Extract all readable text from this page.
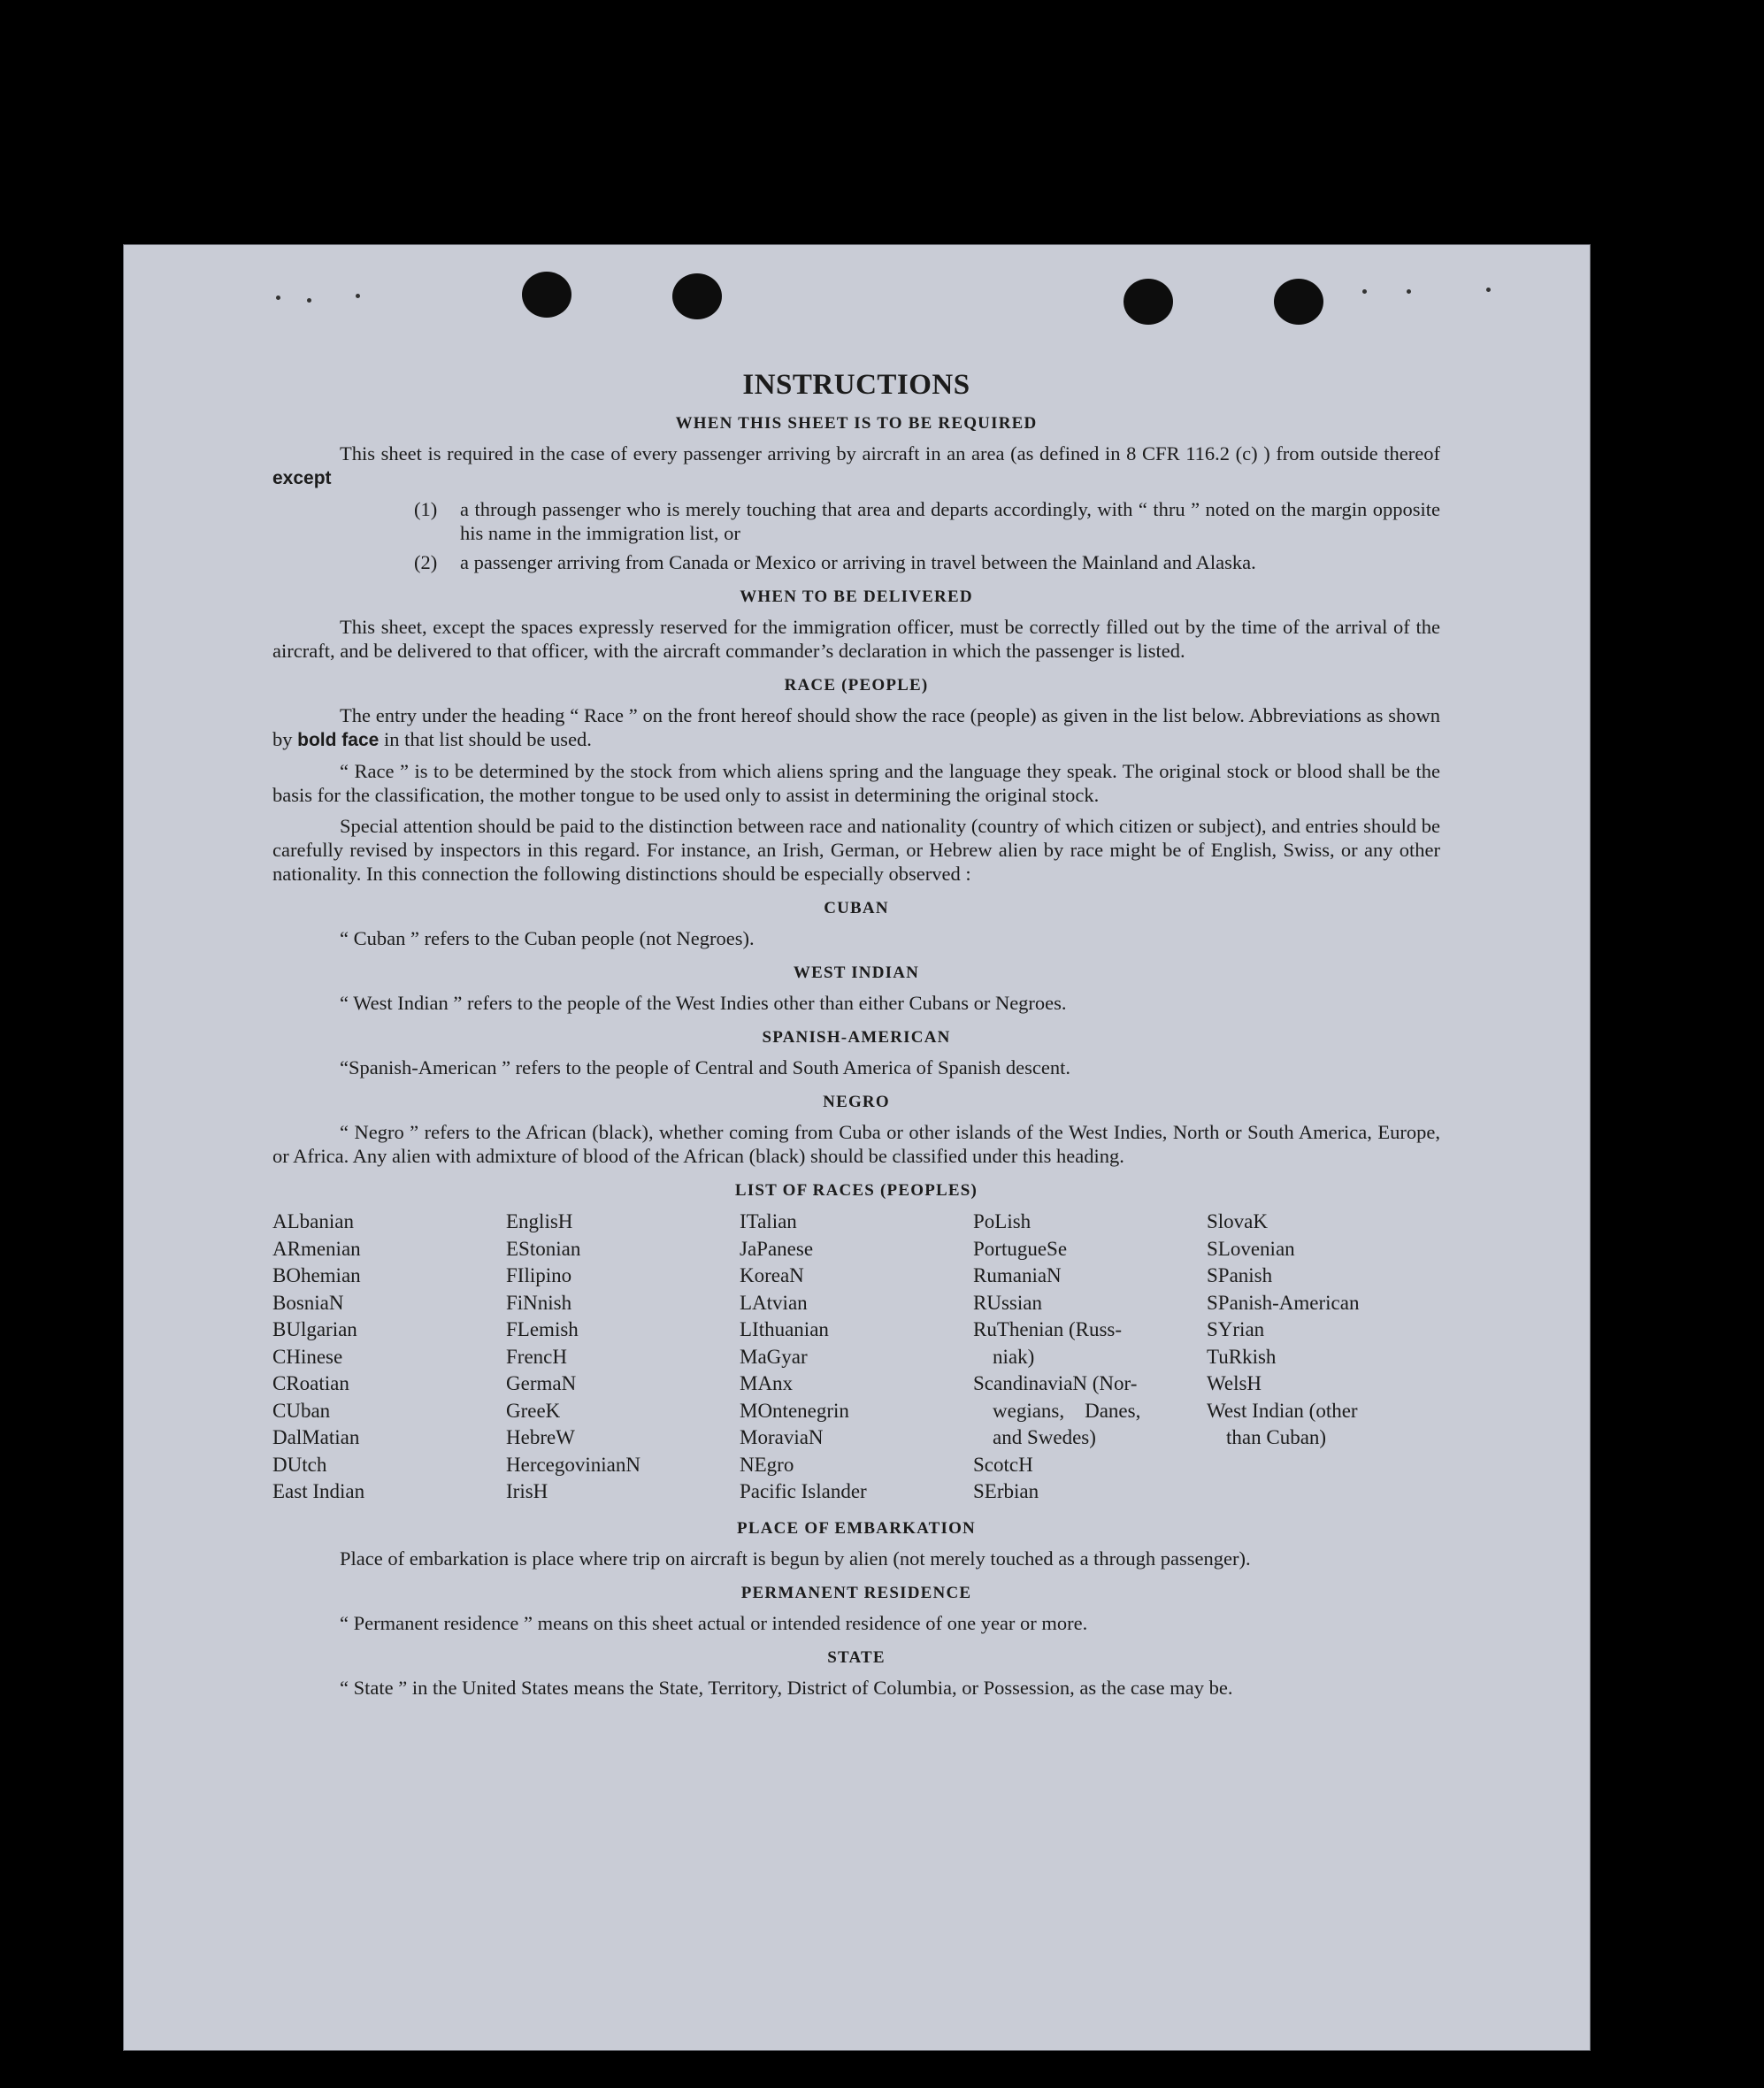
INSTRUCTIONS
WHEN THIS SHEET IS TO BE REQUIRED

This sheet is required in the case of every passenger arriving by aircraft in an area (as defined in 8 CFR 116.2 (c) ) from outside thereof except

(1)	a through passenger who is merely touching that area and departs accordingly, with “ thru ” noted on the margin opposite his name in the immigration list, or
(2)	a passenger arriving from Canada or Mexico or arriving in travel between the Mainland and Alaska.
WHEN TO BE DELIVERED

This sheet, except the spaces expressly reserved for the immigration officer, must be correctly filled out by the time of the arrival of the aircraft, and be delivered to that officer, with the aircraft commander’s declaration in which the passenger is listed.

RACE (PEOPLE)

The entry under the heading “ Race ” on the front hereof should show the race (people) as given in the list below. Abbreviations as shown by bold face in that list should be used.

“ Race ” is to be determined by the stock from which aliens spring and the language they speak. The original stock or blood shall be the basis for the classification, the mother tongue to be used only to assist in determining the original stock.

Special attention should be paid to the distinction between race and nationality (country of which citizen or subject), and entries should be carefully revised by inspectors in this regard. For instance, an Irish, German, or Hebrew alien by race might be of English, Swiss, or any other nationality. In this connection the following distinctions should be especially observed :

CUBAN

“ Cuban ” refers to the Cuban people (not Negroes).

WEST INDIAN

“ West Indian ” refers to the people of the West Indies other than either Cubans or Negroes.

SPANISH-AMERICAN

“Spanish-American ” refers to the people of Central and South America of Spanish descent.

NEGRO

“ Negro ” refers to the African (black), whether coming from Cuba or other islands of the West Indies, North or South America, Europe, or Africa. Any alien with admixture of blood of the African (black) should be classified under this heading.

LIST OF RACES (PEOPLES)
ALbanian
ARmenian
BOhemian
BosniaN
BUlgarian
CHinese
CRoatian
CUban
DalMatian
DUtch
East Indian
EnglisH
EStonian
FIlipino
FiNnish
FLemish
FrencH
GermaN
GreeK
HebreW
HercegovinianN
IrisH
ITalian
JaPanese
KoreaN
LAtvian
LIthuanian
MaGyar
MAnx
MOntenegrin
MoraviaN
NEgro
Pacific Islander
PoLish
PortugueSe
RumaniaN
RUssian
RuThenian (Russ-
niak)
ScandinaviaN (Nor-
wegians,    Danes,
and Swedes)
ScotcH
SErbian
SlovaK
SLovenian
SPanish
SPanish-American
SYrian
TuRkish
WelsH
West Indian (other
than Cuban)
PLACE OF EMBARKATION

Place of embarkation is place where trip on aircraft is begun by alien (not merely touched as a through passenger).

PERMANENT RESIDENCE

“ Permanent residence ” means on this sheet actual or intended residence of one year or more.

STATE

“ State ” in the United States means the State, Territory, District of Columbia, or Possession, as the case may be.
